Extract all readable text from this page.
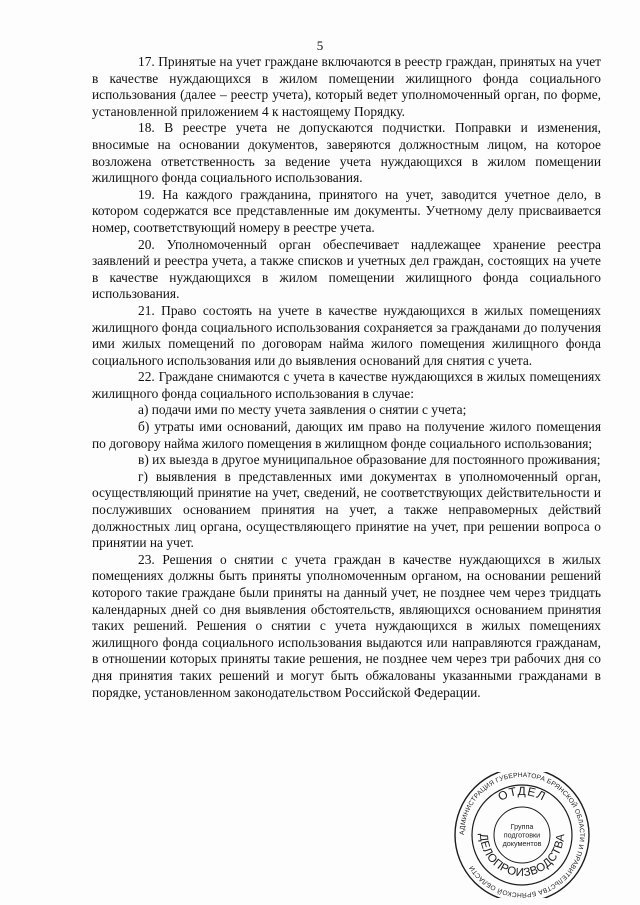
5

17. Принятые на учет граждане включаются в реестр граждан, принятых на учет в качестве нуждающихся в жилом помещении жилищного фонда социального использования (далее – реестр учета), который ведет уполномоченный орган, по форме, установленной приложением 4 к настоящему Порядку.

18. В реестре учета не допускаются подчистки. Поправки и изменения, вносимые на основании документов, заверяются должностным лицом, на которое возложена ответственность за ведение учета нуждающихся в жилом помещении жилищного фонда социального использования.

19. На каждого гражданина, принятого на учет, заводится учетное дело, в котором содержатся все представленные им документы. Учетному делу присваивается номер, соответствующий номеру в реестре учета.

20. Уполномоченный орган обеспечивает надлежащее хранение реестра заявлений и реестра учета, а также списков и учетных дел граждан, состоящих на учете в качестве нуждающихся в жилом помещении жилищного фонда социального использования.

21. Право состоять на учете в качестве нуждающихся в жилых помещениях жилищного фонда социального использования сохраняется за гражданами до получения ими жилых помещений по договорам найма жилого помещения жилищного фонда социального использования или до выявления оснований для снятия с учета.

22. Граждане снимаются с учета в качестве нуждающихся в жилых помещениях жилищного фонда социального использования в случае:

а) подачи ими по месту учета заявления о снятии с учета;

б) утраты ими оснований, дающих им право на получение жилого помещения по договору найма жилого помещения в жилищном фонде социального использования;

в) их выезда в другое муниципальное образование для постоянного проживания;

г) выявления в представленных ими документах в уполномоченный орган, осуществляющий принятие на учет, сведений, не соответствующих действительности и послуживших основанием принятия на учет, а также неправомерных действий должностных лиц органа, осуществляющего принятие на учет, при решении вопроса о принятии на учет.

23. Решения о снятии с учета граждан в качестве нуждающихся в жилых помещениях должны быть приняты уполномоченным органом, на основании решений которого такие граждане были приняты на данный учет, не позднее чем через тридцать календарных дней со дня выявления обстоятельств, являющихся основанием принятия таких решений. Решения о снятии с учета нуждающихся в жилых помещениях жилищного фонда социального использования выдаются или направляются гражданам, в отношении которых приняты такие решения, не позднее чем через три рабочих дня со дня принятия таких решений и могут быть обжалованы указанными гражданами в порядке, установленном законодательством Российской Федерации.

АДМИНИСТРАЦИЯ ГУБЕРНАТОРА БРЯНСКОЙ ОБЛАСТИ И ПРАВИТЕЛЬСТВА БРЯНСКОЙ ОБЛАСТИ
ОТДЕЛ
ДЕЛОПРОИЗВОДСТВА
Группа
подготовки
документов
